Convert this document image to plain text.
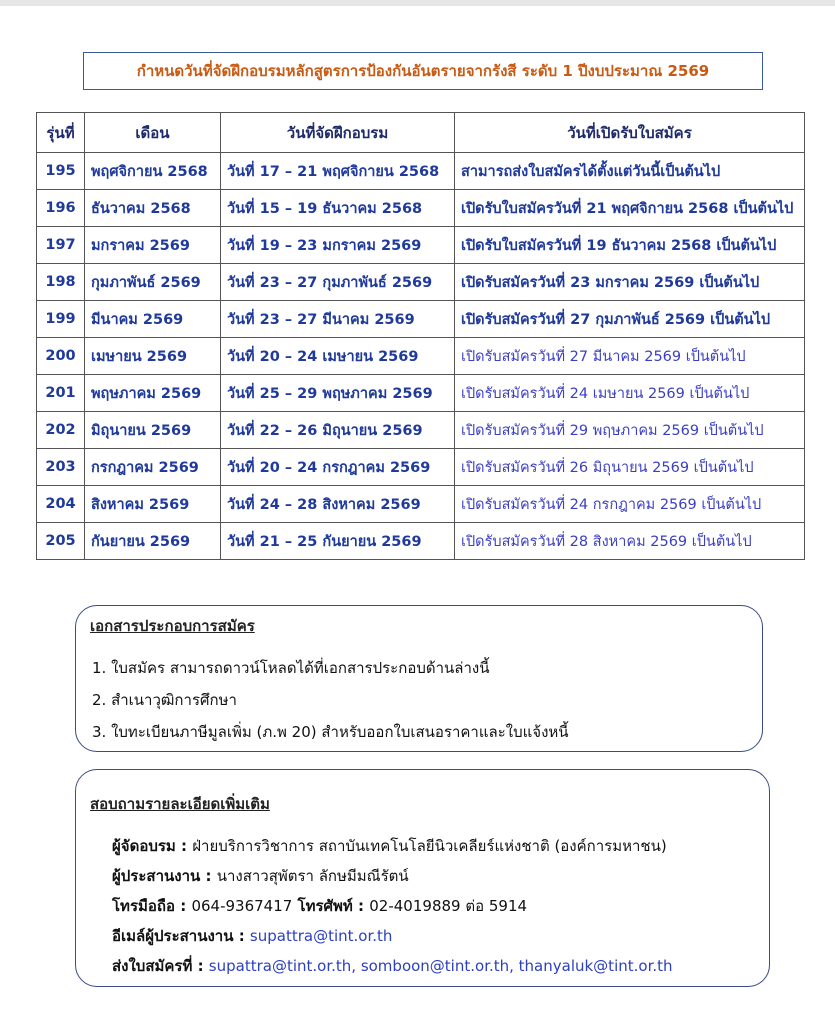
กำหนดวันที่จัดฝึกอบรมหลักสูตรการป้องกันอันตรายจากรังสี ระดับ 1 ปีงบประมาณ 2569
รุ่นที่	เดือน	วันที่จัดฝึกอบรม	วันที่เปิดรับใบสมัคร
195	พฤศจิกายน 2568	วันที่ 17 – 21 พฤศจิกายน 2568	สามารถส่งใบสมัครได้ตั้งแต่วันนี้เป็นต้นไป
196	ธันวาคม 2568	วันที่ 15 – 19 ธันวาคม 2568	เปิดรับใบสมัครวันที่ 21 พฤศจิกายน 2568 เป็นต้นไป
197	มกราคม 2569	วันที่ 19 – 23 มกราคม 2569	เปิดรับใบสมัครวันที่ 19 ธันวาคม 2568 เป็นต้นไป
198	กุมภาพันธ์ 2569	วันที่ 23 – 27 กุมภาพันธ์ 2569	เปิดรับสมัครวันที่ 23 มกราคม 2569 เป็นต้นไป
199	มีนาคม 2569	วันที่ 23 – 27 มีนาคม 2569	เปิดรับสมัครวันที่ 27 กุมภาพันธ์ 2569 เป็นต้นไป
200	เมษายน 2569	วันที่ 20 – 24 เมษายน 2569	เปิดรับสมัครวันที่ 27 มีนาคม 2569 เป็นต้นไป
201	พฤษภาคม 2569	วันที่ 25 – 29 พฤษภาคม 2569	เปิดรับสมัครวันที่ 24 เมษายน 2569 เป็นต้นไป
202	มิถุนายน 2569	วันที่ 22 – 26 มิถุนายน 2569	เปิดรับสมัครวันที่ 29 พฤษภาคม 2569 เป็นต้นไป
203	กรกฎาคม 2569	วันที่ 20 – 24 กรกฎาคม 2569	เปิดรับสมัครวันที่ 26 มิถุนายน 2569 เป็นต้นไป
204	สิงหาคม 2569	วันที่ 24 – 28 สิงหาคม 2569	เปิดรับสมัครวันที่ 24 กรกฎาคม 2569 เป็นต้นไป
205	กันยายน 2569	วันที่ 21 – 25 กันยายน 2569	เปิดรับสมัครวันที่ 28 สิงหาคม 2569 เป็นต้นไป
เอกสารประกอบการสมัคร
1. ใบสมัคร สามารถดาวน์โหลดได้ที่เอกสารประกอบด้านล่างนี้
2. สำเนาวุฒิการศึกษา
3. ใบทะเบียนภาษีมูลเพิ่ม (ภ.พ 20) สำหรับออกใบเสนอราคาและใบแจ้งหนี้
สอบถามรายละเอียดเพิ่มเติม
ผู้จัดอบรม : ฝ่ายบริการวิชาการ สถาบันเทคโนโลยีนิวเคลียร์แห่งชาติ (องค์การมหาชน)
ผู้ประสานงาน : นางสาวสุพัตรา ลักษมีมณีรัตน์
โทรมือถือ : 064-9367417 โทรศัพท์ : 02-4019889 ต่อ 5914
อีเมล์ผู้ประสานงาน : supattra@tint.or.th
ส่งใบสมัครที่ : supattra@tint.or.th, somboon@tint.or.th, thanyaluk@tint.or.th
